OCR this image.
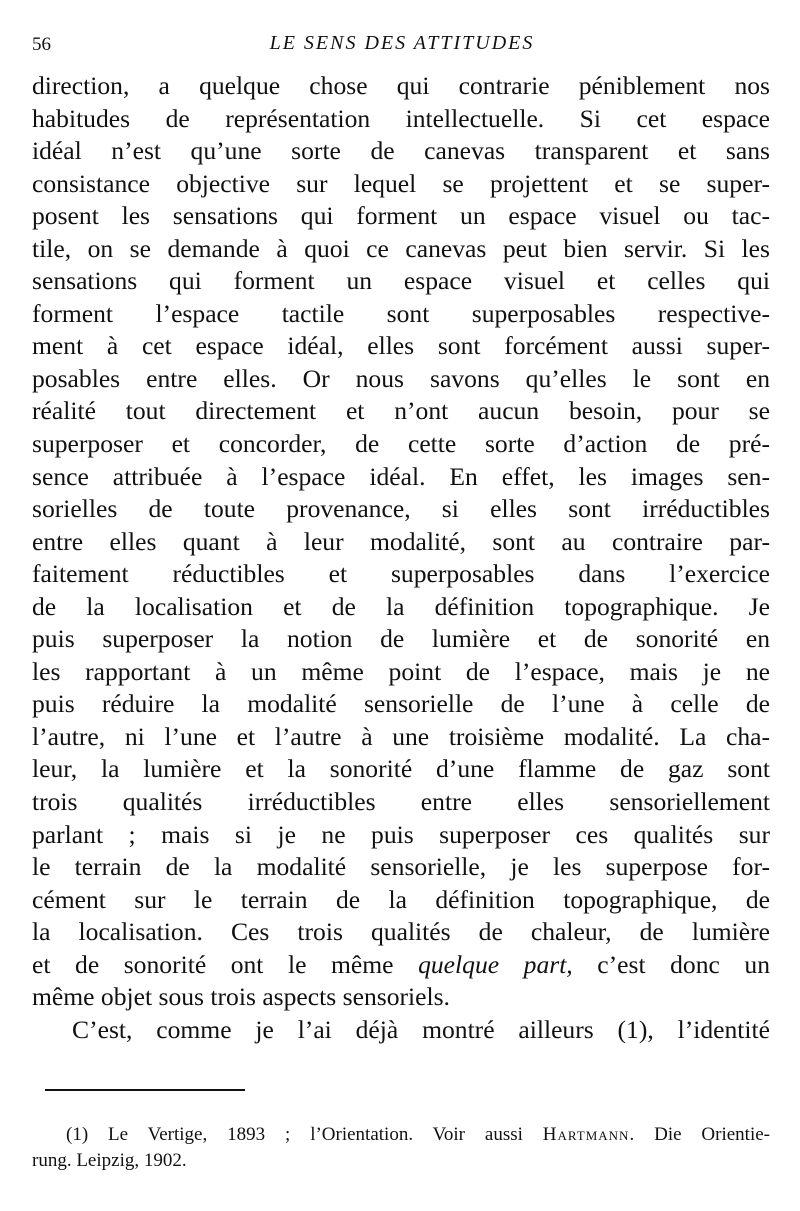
56	LE SENS DES ATTITUDES
direction, a quelque chose qui contrarie péniblement nos
habitudes de représentation intellectuelle. Si cet espace
idéal n’est qu’une sorte de canevas transparent et sans
consistance objective sur lequel se projettent et se super-
posent les sensations qui forment un espace visuel ou tac-
tile, on se demande à quoi ce canevas peut bien servir. Si les
sensations qui forment un espace visuel et celles qui
forment l’espace tactile sont superposables respective-
ment à cet espace idéal, elles sont forcément aussi super-
posables entre elles. Or nous savons qu’elles le sont en
réalité tout directement et n’ont aucun besoin, pour se
superposer et concorder, de cette sorte d’action de pré-
sence attribuée à l’espace idéal. En effet, les images sen-
sorielles de toute provenance, si elles sont irréductibles
entre elles quant à leur modalité, sont au contraire par-
faitement réductibles et superposables dans l’exercice
de la localisation et de la définition topographique. Je
puis superposer la notion de lumière et de sonorité en
les rapportant à un même point de l’espace, mais je ne
puis réduire la modalité sensorielle de l’une à celle de
l’autre, ni l’une et l’autre à une troisième modalité. La cha-
leur, la lumière et la sonorité d’une flamme de gaz sont
trois qualités irréductibles entre elles sensoriellement
parlant ; mais si je ne puis superposer ces qualités sur
le terrain de la modalité sensorielle, je les superpose for-
cément sur le terrain de la définition topographique, de
la localisation. Ces trois qualités de chaleur, de lumière
et de sonorité ont le même quelque part, c’est donc un
même objet sous trois aspects sensoriels.
C’est, comme je l’ai déjà montré ailleurs (1), l’identité
(1) Le Vertige, 1893 ; l’Orientation. Voir aussi Hartmann. Die Orientie-
rung. Leipzig, 1902.
